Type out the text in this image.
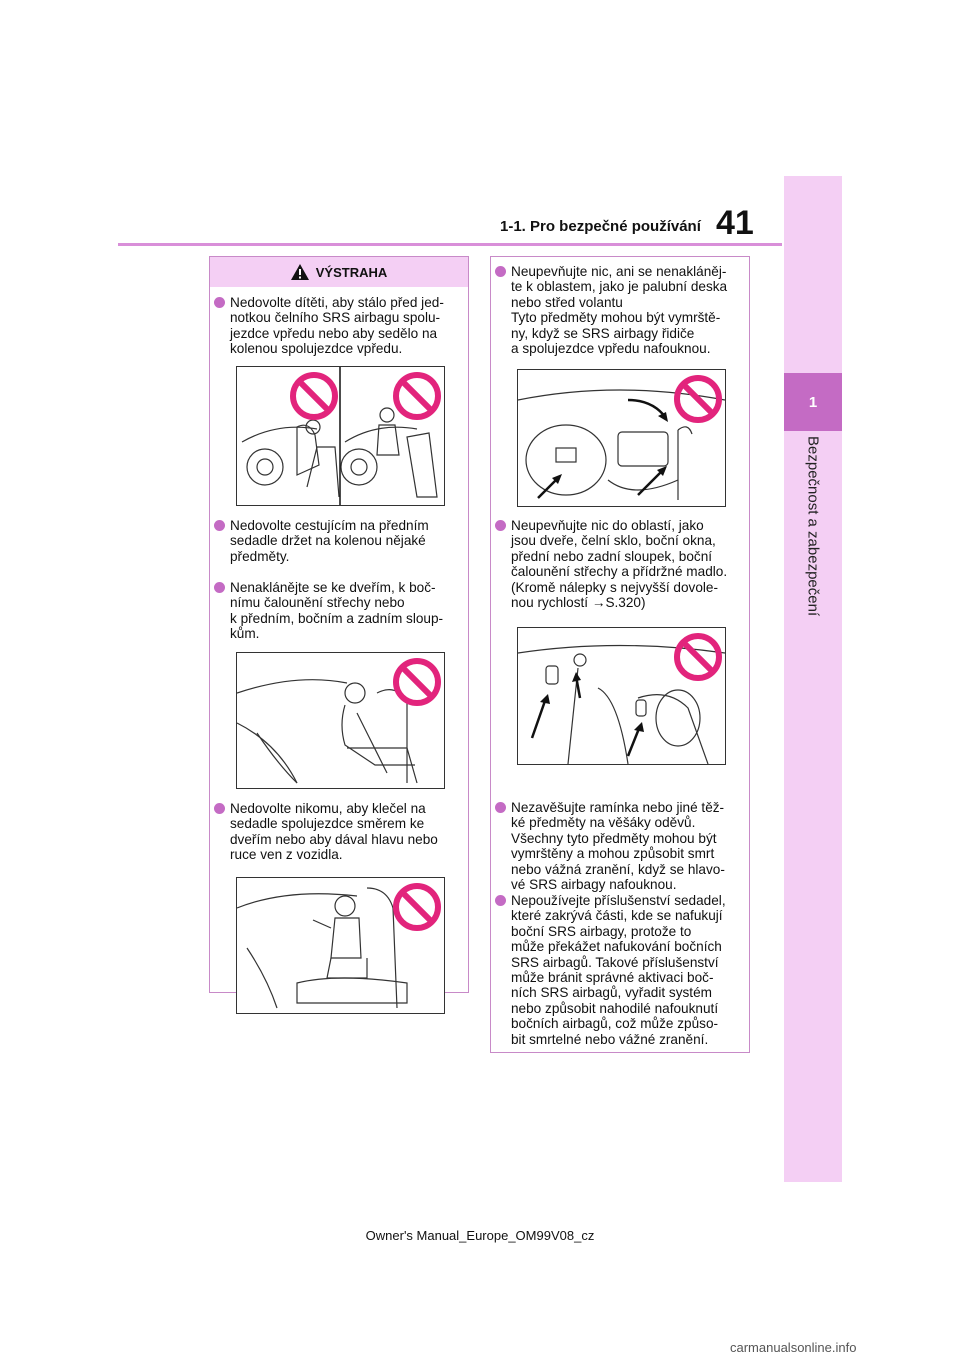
1-1. Pro bezpečné používání 41
1
Bezpečnost a zabezpečení
VÝSTRAHA
Nedovolte dítěti, aby stálo před jed-
notkou čelního SRS airbagu spolu-
jezdce vpředu nebo aby sedělo na
kolenou spolujezdce vpředu.
Nedovolte cestujícím na předním
sedadle držet na kolenou nějaké
předměty.
Nenaklánějte se ke dveřím, k boč-
nímu čalounění střechy nebo
k předním, bočním a zadním sloup-
kům.
Nedovolte nikomu, aby klečel na
sedadle spolujezdce směrem ke
dveřím nebo aby dával hlavu nebo
ruce ven z vozidla.
Neupevňujte nic, ani se nenakláněj-
te k oblastem, jako je palubní deska
nebo střed volantu
Tyto předměty mohou být vymrště-
ny, když se SRS airbagy řidiče
a spolujezdce vpředu nafouknou.
Neupevňujte nic do oblastí, jako
jsou dveře, čelní sklo, boční okna,
přední nebo zadní sloupek, boční
čalounění střechy a přídržné madlo.
(Kromě nálepky s nejvyšší dovole-
nou rychlostí →S.320)
Nezavěšujte ramínka nebo jiné těž-
ké předměty na věšáky oděvů.
Všechny tyto předměty mohou být
vymrštěny a mohou způsobit smrt
nebo vážná zranění, když se hlavo-
vé SRS airbagy nafouknou.
Nepoužívejte příslušenství sedadel,
které zakrývá části, kde se nafukují
boční SRS airbagy, protože to
může překážet nafukování bočních
SRS airbagů. Takové příslušenství
může bránit správné aktivaci boč-
ních SRS airbagů, vyřadit systém
nebo způsobit nahodilé nafouknutí
bočních airbagů, což může způso-
bit smrtelné nebo vážné zranění.
Owner's Manual_Europe_OM99V08_cz
carmanualsonline.info
